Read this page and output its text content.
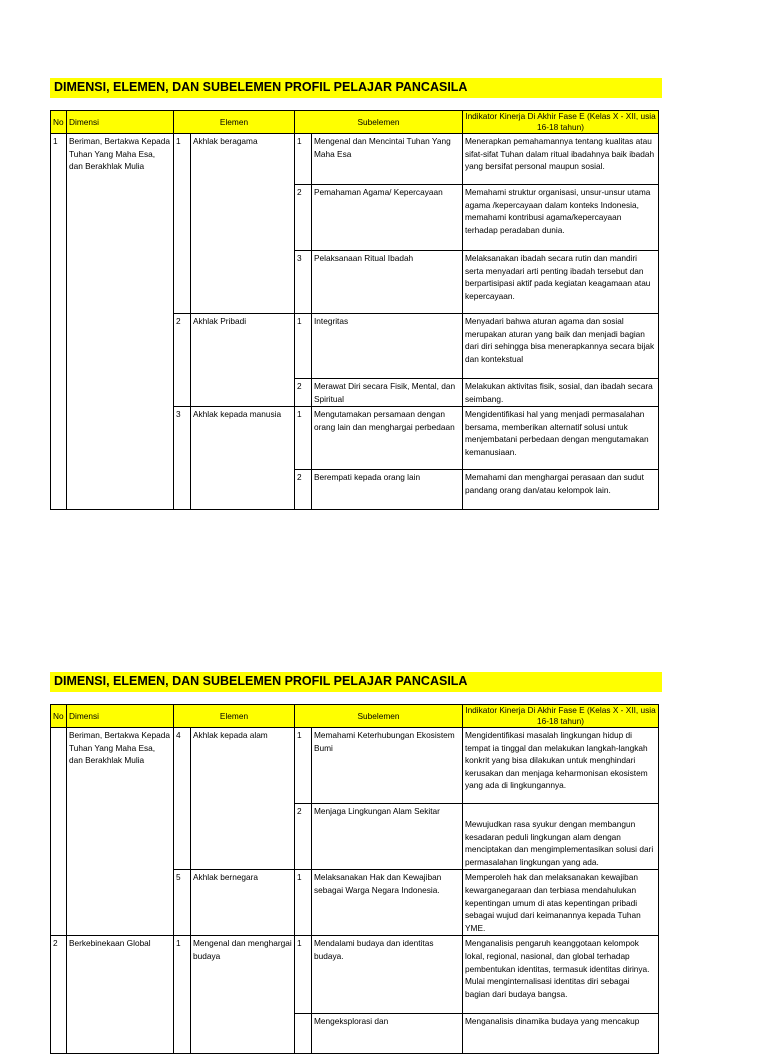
DIMENSI, ELEMEN, DAN SUBELEMEN PROFIL PELAJAR PANCASILA
No	Dimensi	Elemen		Subelemen		Indikator Kinerja Di Akhir Fase E (Kelas X - XII, usia 16-18 tahun)
1	Beriman, Bertakwa Kepada Tuhan Yang Maha Esa, dan Berakhlak Mulia	1	Akhlak beragama	1	Mengenal dan Mencintai Tuhan Yang Maha Esa	Menerapkan pemahamannya tentang kualitas atau sifat-sifat Tuhan dalam ritual ibadahnya baik ibadah yang bersifat personal maupun sosial.
				2	Pemahaman Agama/ Kepercayaan	Memahami struktur organisasi, unsur-unsur utama agama /kepercayaan dalam konteks Indonesia, memahami kontribusi agama/kepercayaan terhadap peradaban dunia.
				3	Pelaksanaan Ritual Ibadah	Melaksanakan ibadah secara rutin dan mandiri serta menyadari arti penting ibadah tersebut dan berpartisipasi aktif pada kegiatan keagamaan atau kepercayaan.
		2	Akhlak Pribadi	1	Integritas	Menyadari bahwa aturan agama dan sosial merupakan aturan yang baik dan menjadi bagian dari diri sehingga bisa menerapkannya secara bijak dan kontekstual
				2	Merawat Diri secara Fisik, Mental, dan Spiritual	Melakukan aktivitas fisik, sosial, dan ibadah secara seimbang.
		3	Akhlak kepada manusia	1	Mengutamakan persamaan dengan orang lain dan menghargai perbedaan	Mengidentifikasi hal yang menjadi permasalahan bersama, memberikan alternatif solusi untuk menjembatani perbedaan dengan mengutamakan kemanusiaan.
				2	Berempati kepada orang lain	Memahami dan menghargai perasaan dan sudut pandang orang dan/atau kelompok lain.
DIMENSI, ELEMEN, DAN SUBELEMEN PROFIL PELAJAR PANCASILA
No	Dimensi	Elemen		Subelemen		Indikator Kinerja Di Akhir Fase E (Kelas X - XII, usia 16-18 tahun)
	Beriman, Bertakwa Kepada Tuhan Yang Maha Esa, dan Berakhlak Mulia	4	Akhlak kepada alam	1	Memahami Keterhubungan Ekosistem Bumi	Mengidentifikasi masalah lingkungan hidup di tempat ia tinggal dan melakukan langkah-langkah konkrit yang bisa dilakukan untuk menghindari kerusakan dan menjaga keharmonisan ekosistem yang ada di lingkungannya.
				2	Menjaga Lingkungan Alam Sekitar	Mewujudkan rasa syukur dengan membangun kesadaran peduli lingkungan alam dengan menciptakan dan mengimplementasikan solusi dari permasalahan lingkungan yang ada.
		5	Akhlak bernegara	1	Melaksanakan Hak dan Kewajiban sebagai Warga Negara Indonesia.	Memperoleh hak dan melaksanakan kewajiban kewarganegaraan dan terbiasa mendahulukan kepentingan umum di atas kepentingan pribadi sebagai wujud dari keimanannya kepada Tuhan YME.
2	Berkebinekaan Global	1	Mengenal dan menghargai budaya	1	Mendalami budaya dan identitas budaya.	Menganalisis pengaruh keanggotaan kelompok lokal, regional, nasional, dan global terhadap pembentukan identitas, termasuk identitas dirinya. Mulai menginternalisasi identitas diri sebagai bagian dari budaya bangsa.
					Mengeksplorasi dan	Menganalisis dinamika budaya yang mencakup
